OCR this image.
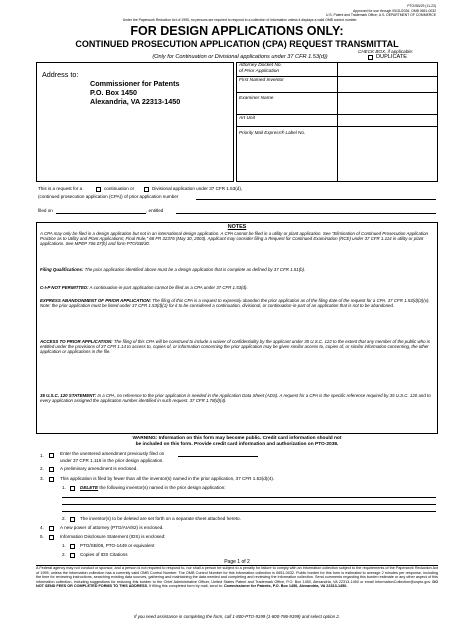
PTO/SB/29 (11-23)
Approved for use through 05/31/2026. OMB 0651-0032
U.S. Patent and Trademark Office; U.S. DEPARTMENT OF COMMERCE
Under the Paperwork Reduction Act of 1995, no persons are required to respond to a collection of information unless it displays a valid OMB control number.
FOR DESIGN APPLICATIONS ONLY:
CONTINUED PROSECUTION APPLICATION (CPA) REQUEST TRANSMITTAL
(Only for Continuation or Divisional applications under 37 CFR 1.53(d))
CHECK BOX, if applicable:
DUPLICATE
Address to:
Commissioner for Patents
P.O. Box 1450
Alexandria, VA 22313-1450
Attorney Docket No.
of Prior Application
First Named Inventor
Examiner Name
Art Unit
Priority Mail Express® Label No.
This is a request for a	continuation or	Divisional application under 37 CFR 1.53(d),
(continued prosecution application (CPA)) of prior application number
filed on	, entitled
NOTES
A CPA may only be filed in a design application but not in an international design application. A CPA cannot be filed in a utility or plant application. See "Elimination of Continued Prosecution Application Practice as to Utility and Plant Applications; Final Rule," 68 FR 32376 (May 30, 2003). Applicant may consider filing a Request for Continued Examination (RCE) under 37 CFR 1.114 in utility or plant applications. See MPEP 706.07(h) and form PTO/SB/30.
Filing Qualifications: The prior application identified above must be a design application that is complete as defined by 37 CFR 1.51(b).
C-I-P NOT PERMITTED: A continuation-in-part application cannot be filed as a CPA under 37 CFR 1.53(d).
EXPRESS ABANDONMENT OF PRIOR APPLICATION: The filing of this CPA is a request to expressly abandon the prior application as of the filing date of the request for a CPA. 37 CFR 1.53(d)(2)(v). Note: the prior application must be listed under 37 CFR 1.53(d)(1) for it to be considered a continuation, divisional, or continuation-in-part of an application that is not to be abandoned.
ACCESS TO PRIOR APPLICATION: The filing of this CPA will be construed to include a waiver of confidentiality by the applicant under 35 U.S.C. 122 to the extent that any member of the public who is entitled under the provisions of 37 CFR 1.14 to access to, copies of, or information concerning the prior application may be given similar access to, copies of, or similar information concerning, the other application or applications in the file.
35 U.S.C. 120 STATEMENT: In a CPA, no reference to the prior application is needed in the Application Data Sheet (ADS). A request for a CPA is the specific reference required by 35 U.S.C. 120 and to every application assigned the application number identified in such request. 37 CFR 1.78(d)(4).
WARNING: Information on this form may become public. Credit card information should not
be included on this form. Provide credit card information and authorization on PTO-2038.
1.	Enter the unentered amendment previously filed on
under 37 CFR 1.116 in the prior design application.
2.	A preliminary amendment is enclosed.
3.	This application is filed by fewer than all the inventor(s) named in the prior application, 37 CFR 1.53(d)(4).
1.	DELETE the following inventor(s) named in the prior design application:
2.	The inventor(s) to be deleted are set forth on a separate sheet attached hereto.
4.	A new power of attorney (PTO/AIA/82) is enclosed.
5.	Information Disclosure Statement (IDS) is enclosed:
1.	PTO/SB/08, PTO-1449 or equivalent
2.	Copies of IDS Citations
Page 1 of 2
A Federal agency may not conduct or sponsor, and a person is not required to respond to, nor shall a person be subject to a penalty for failure to comply with an information collection subject to the requirements of the Paperwork Reduction Act of 1995, unless the information collection has a currently valid OMB Control Number. The OMB Control Number for this information collection is 0651-0032. Public burden for this form is estimated to average 2 minutes per response, including the time for reviewing instructions, searching existing data sources, gathering and maintaining the data needed and completing and reviewing the information collection. Send comments regarding this burden estimate or any other aspect of this information collection, including suggestions for reducing this burden to the Chief Administrative Officer, United States Patent and Trademark Office, P.O. Box 1450, Alexandria, VA 22313-1450 or email InformationCollection@uspto.gov. DO NOT SEND FEES OR COMPLETED FORMS TO THIS ADDRESS. If filling this completed form by mail, send to: Commissioner for Patents, P.O. Box 1450, Alexandria, VA 22313-1450.
If you need assistance in completing the form, call 1-800-PTO-9199 (1-800-786-9199) and select option 2.
